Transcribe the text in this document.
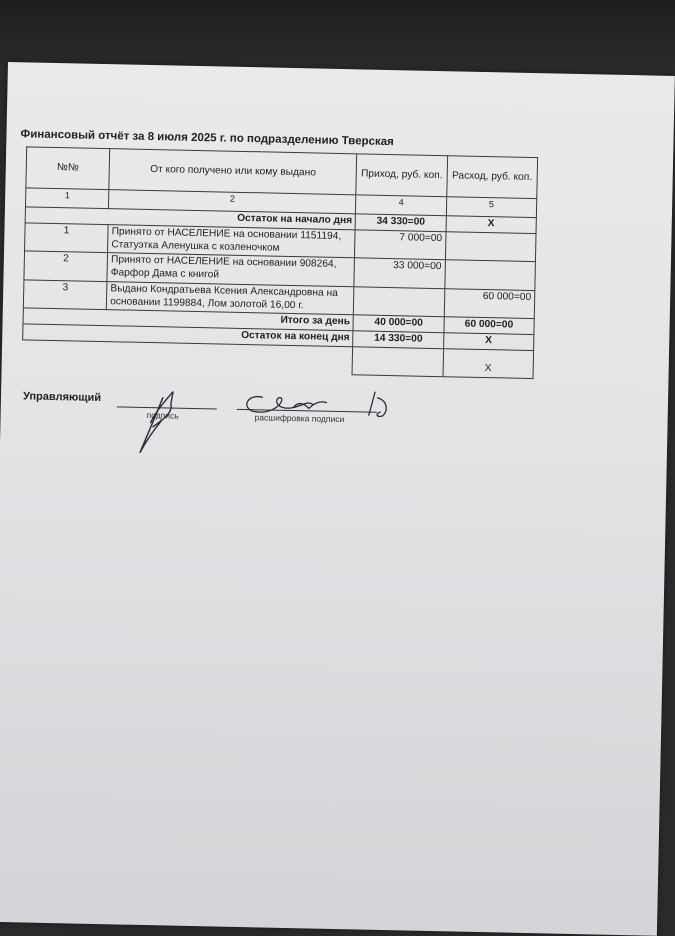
Финансовый отчёт за 8 июля 2025 г. по подразделению Тверская
№№	От кого получено или кому выдано	Приход, руб. коп.	Расход, руб. коп.
1	2	4	5
Остаток на начало дня		34 330=00	Х
1	Принято от НАСЕЛЕНИЕ на основании 1151194, Статуэтка Аленушка с козленочком	7 000=00	
2	Принято от НАСЕЛЕНИЕ на основании 908264, Фарфор Дама с книгой	33 000=00	
3	Выдано Кондратьева Ксения Александровна на основании 1199884, Лом золотой 16,00 г.		60 000=00
Итого за день		40 000=00	60 000=00
Остаток на конец дня		14 330=00	Х
			Х
Управляющий
подпись	расшифровка подписи
